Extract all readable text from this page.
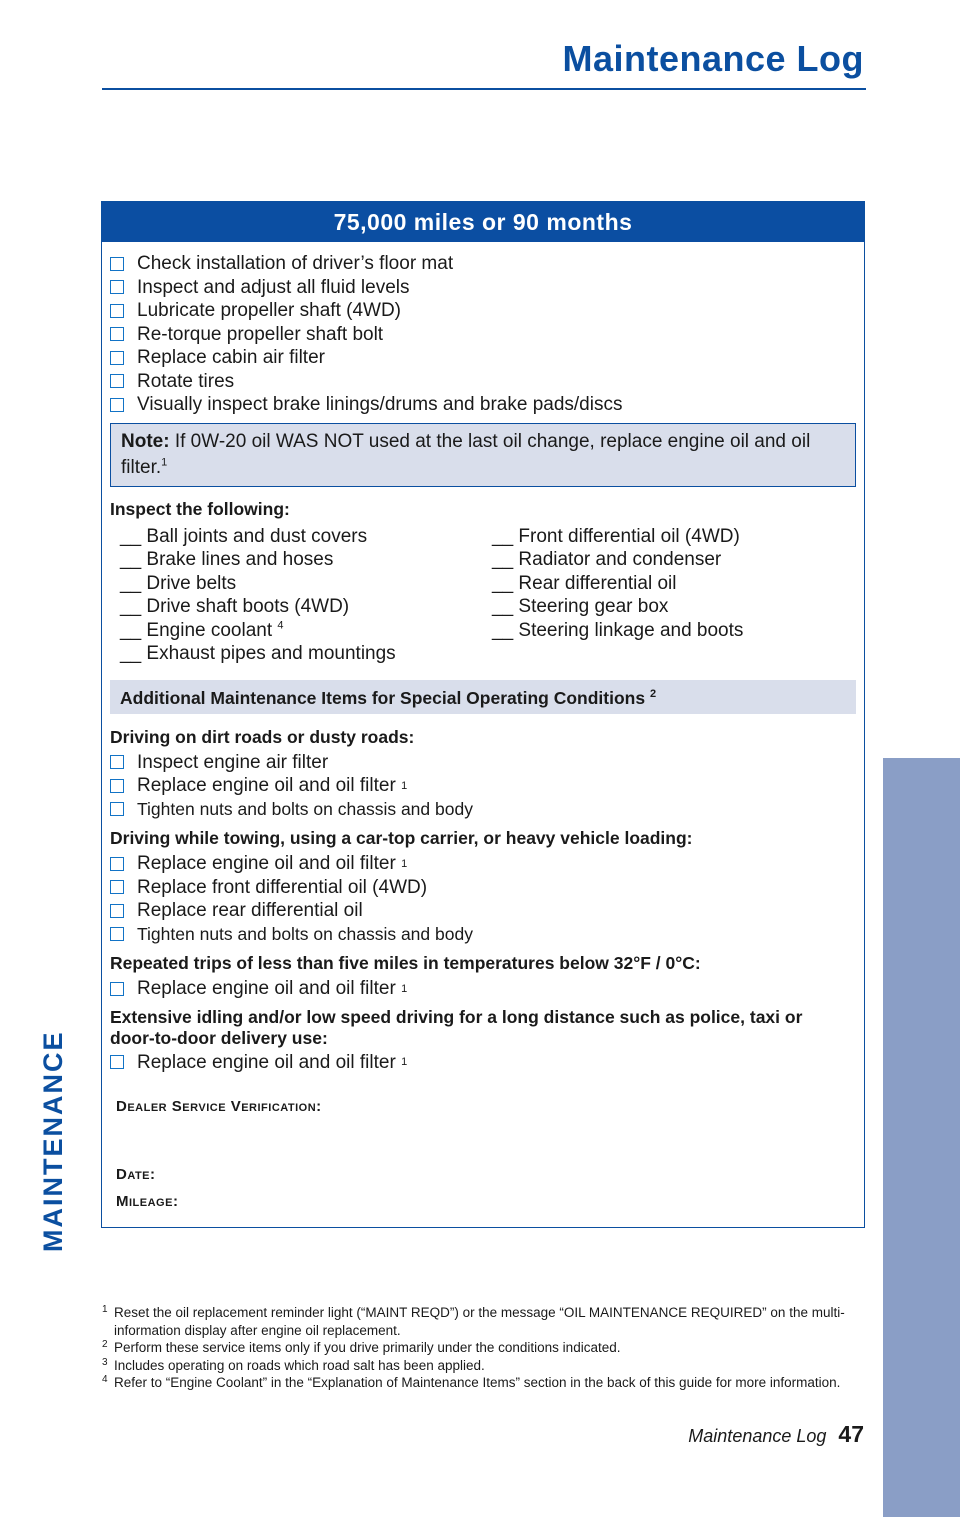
Maintenance Log
75,000 miles or 90 months
Check installation of driver’s floor mat
Inspect and adjust all fluid levels
Lubricate propeller shaft (4WD)
Re-torque propeller shaft bolt
Replace cabin air filter
Rotate tires
Visually inspect brake linings/drums and brake pads/discs
Note: If 0W-20 oil WAS NOT used at the last oil change, replace engine oil and oil filter.$^1$
Inspect the following:
__ Ball joints and dust covers
__ Brake lines and hoses
__ Drive belts
__ Drive shaft boots (4WD)
__ Engine coolant $^4$
__ Exhaust pipes and mountings
__ Front differential oil (4WD)
__ Radiator and condenser
__ Rear differential oil
__ Steering gear box
__ Steering linkage and boots
Additional Maintenance Items for Special Operating Conditions $^2$
Driving on dirt roads or dusty roads:
Inspect engine air filter
Replace engine oil and oil filter
1
Tighten nuts and bolts on chassis and body
Driving while towing, using a car-top carrier, or heavy vehicle loading:
Replace engine oil and oil filter
1
Replace front differential oil (4WD)
Replace rear differential oil
Tighten nuts and bolts on chassis and body
Repeated trips of less than five miles in temperatures below 32°F / 0°C:
Replace engine oil and oil filter
1
Extensive idling and/or low speed driving for a long distance such as police, taxi or door-to-door delivery use:
Replace engine oil and oil filter
1
Dealer Service Verification:
Date:
Mileage:
1 Reset the oil replacement reminder light (“MAINT REQD”) or the message “OIL MAINTENANCE REQUIRED” on the multi-information display after engine oil replacement.
2 Perform these service items only if you drive primarily under the conditions indicated.
3 Includes operating on roads which road salt has been applied.
4 Refer to “Engine Coolant” in the “Explanation of Maintenance Items” section in the back of this guide for more information.
Maintenance Log 47
MAINTENANCE
